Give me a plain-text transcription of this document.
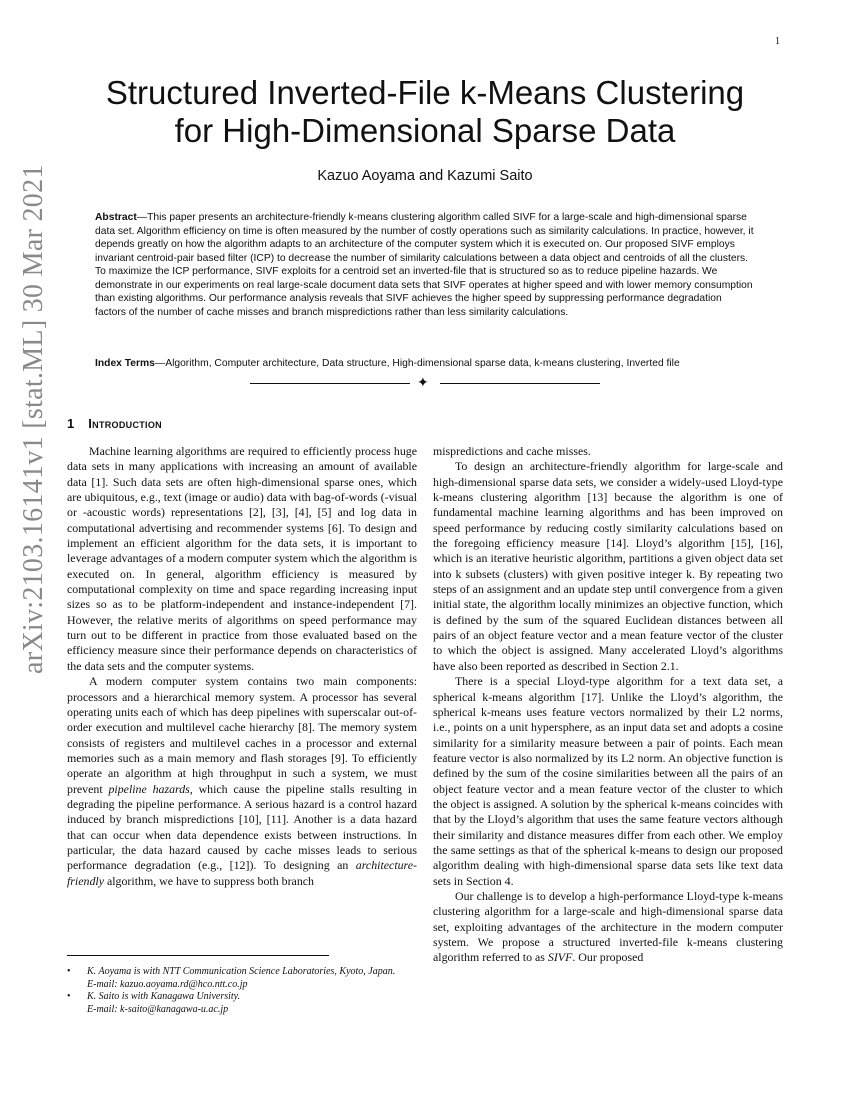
1
arXiv:2103.16141v1 [stat.ML] 30 Mar 2021
Structured Inverted-File k-Means Clustering
for High-Dimensional Sparse Data
Kazuo Aoyama and Kazumi Saito
Abstract—This paper presents an architecture-friendly k-means clustering algorithm called SIVF for a large-scale and high-dimensional sparse data set. Algorithm efficiency on time is often measured by the number of costly operations such as similarity calculations. In practice, however, it depends greatly on how the algorithm adapts to an architecture of the computer system which it is executed on. Our proposed SIVF employs invariant centroid-pair based filter (ICP) to decrease the number of similarity calculations between a data object and centroids of all the clusters. To maximize the ICP performance, SIVF exploits for a centroid set an inverted-file that is structured so as to reduce pipeline hazards. We demonstrate in our experiments on real large-scale document data sets that SIVF operates at higher speed and with lower memory consumption than existing algorithms. Our performance analysis reveals that SIVF achieves the higher speed by suppressing performance degradation factors of the number of cache misses and branch mispredictions rather than less similarity calculations.
Index Terms—Algorithm, Computer architecture, Data structure, High-dimensional sparse data, k-means clustering, Inverted file
✦
1 Introduction

Machine learning algorithms are required to efficiently process huge data sets in many applications with increasing an amount of available data [1]. Such data sets are often high-dimensional sparse ones, which are ubiquitous, e.g., text (image or audio) data with bag-of-words (-visual or -acoustic words) representations [2], [3], [4], [5] and log data in computational advertising and recommender systems [6]. To design and implement an efficient algorithm for the data sets, it is important to leverage advantages of a modern computer system which the algorithm is executed on. In general, algorithm efficiency is measured by computational complexity on time and space regarding increasing input sizes so as to be platform-independent and instance-independent [7]. However, the relative merits of algorithms on speed performance may turn out to be different in practice from those evaluated based on the efficiency measure since their performance depends on characteristics of the data sets and the computer systems.

A modern computer system contains two main components: processors and a hierarchical memory system. A processor has several operating units each of which has deep pipelines with superscalar out-of-order execution and multilevel cache hierarchy [8]. The memory system consists of registers and multilevel caches in a processor and external memories such as a main memory and flash storages [9]. To efficiently operate an algorithm at high throughput in such a system, we must prevent pipeline hazards, which cause the pipeline stalls resulting in degrading the pipeline performance. A serious hazard is a control hazard induced by branch mispredictions [10], [11]. Another is a data hazard that can occur when data dependence exists between instructions. In particular, the data hazard caused by cache misses leads to serious performance degradation (e.g., [12]). To designing an architecture-friendly algorithm, we have to suppress both branch

• K. Aoyama is with NTT Communication Science Laboratories, Kyoto, Japan.
E-mail: kazuo.aoyama.rd@hco.ntt.co.jp
• K. Saito is with Kanagawa University.
E-mail: k-saito@kanagawa-u.ac.jp

mispredictions and cache misses.

To design an architecture-friendly algorithm for large-scale and high-dimensional sparse data sets, we consider a widely-used Lloyd-type k-means clustering algorithm [13] because the algorithm is one of fundamental machine learning algorithms and has been improved on speed performance by reducing costly similarity calculations based on the foregoing efficiency measure [14]. Lloyd’s algorithm [15], [16], which is an iterative heuristic algorithm, partitions a given object data set into k subsets (clusters) with given positive integer k. By repeating two steps of an assignment and an update step until convergence from a given initial state, the algorithm locally minimizes an objective function, which is defined by the sum of the squared Euclidean distances between all pairs of an object feature vector and a mean feature vector of the cluster to which the object is assigned. Many accelerated Lloyd’s algorithms have also been reported as described in Section 2.1.

There is a special Lloyd-type algorithm for a text data set, a spherical k-means algorithm [17]. Unlike the Lloyd’s algorithm, the spherical k-means uses feature vectors normalized by their L2 norms, i.e., points on a unit hypersphere, as an input data set and adopts a cosine similarity for a similarity measure between a pair of points. Each mean feature vector is also normalized by its L2 norm. An objective function is defined by the sum of the cosine similarities between all the pairs of an object feature vector and a mean feature vector of the cluster to which the object is assigned. A solution by the spherical k-means coincides with that by the Lloyd’s algorithm that uses the same feature vectors although their similarity and distance measures differ from each other. We employ the same settings as that of the spherical k-means to design our proposed algorithm dealing with high-dimensional sparse data sets like text data sets in Section 4.

Our challenge is to develop a high-performance Lloyd-type k-means clustering algorithm for a large-scale and high-dimensional sparse data set, exploiting advantages of the architecture in the modern computer system. We propose a structured inverted-file k-means clustering algorithm referred to as SIVF. Our proposed
